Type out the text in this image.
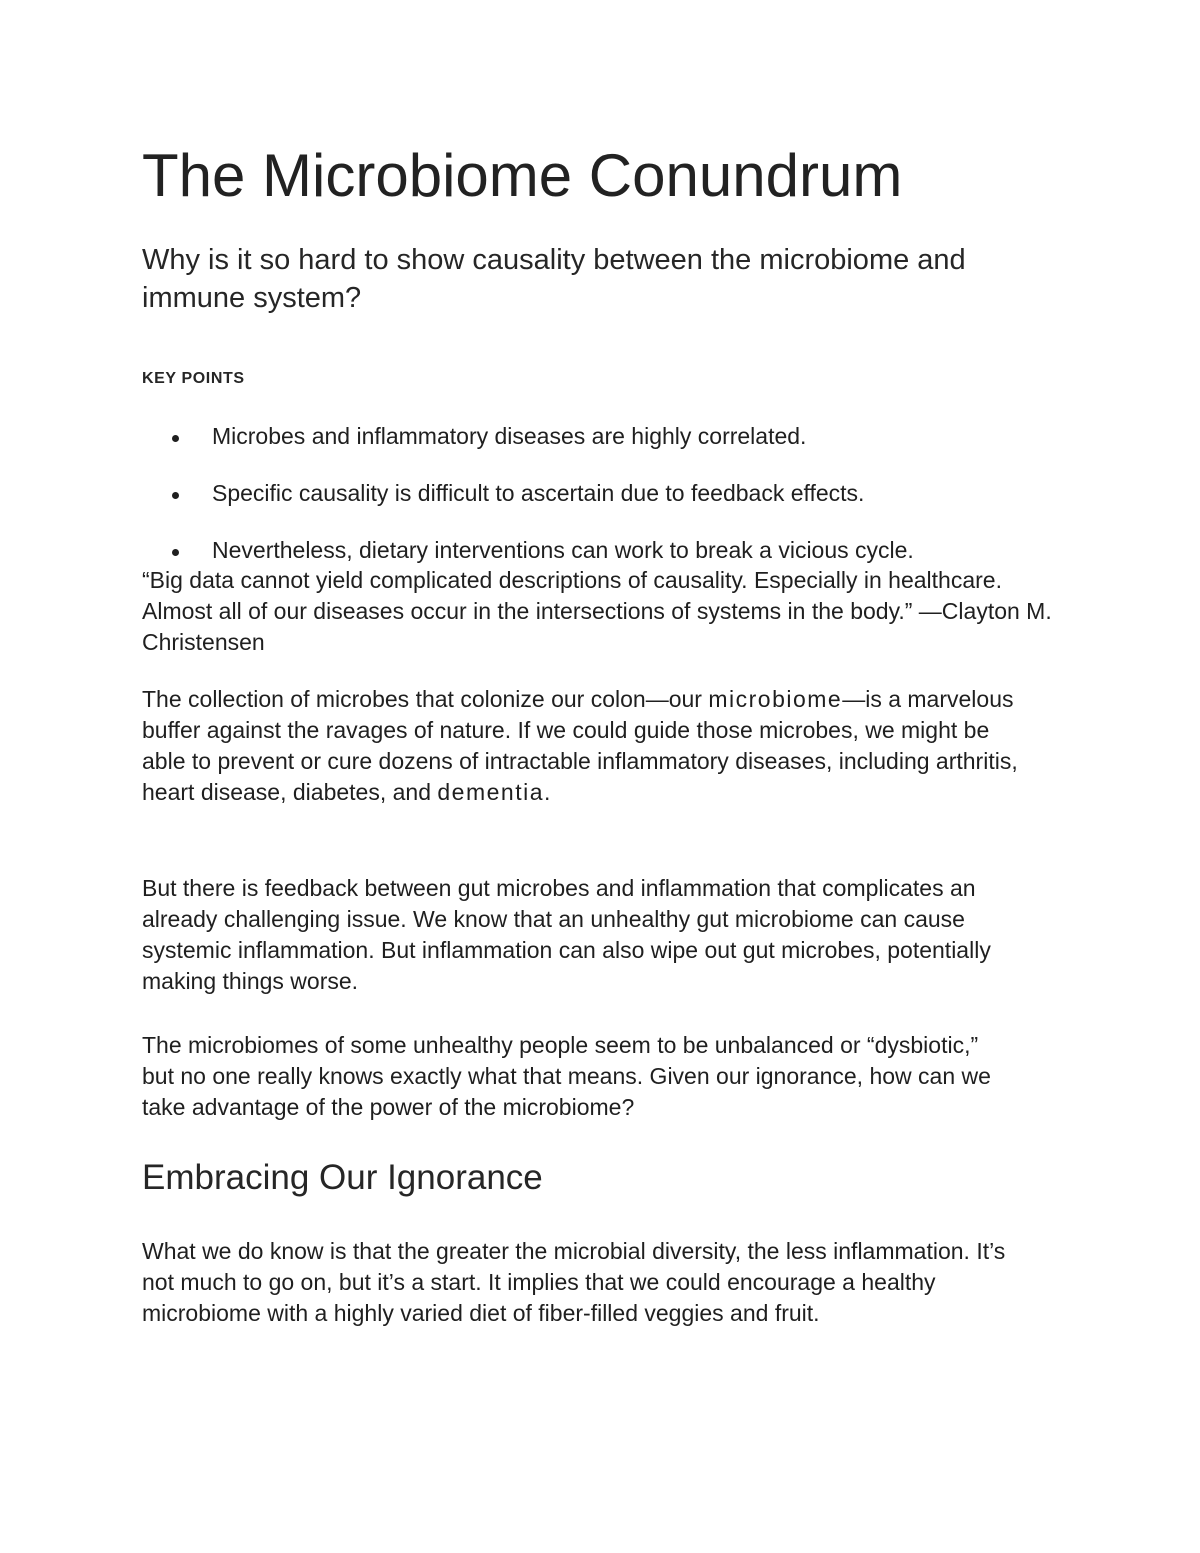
The Microbiome Conundrum
Why is it so hard to show causality between the microbiome and immune system?
KEY POINTS
Microbes and inflammatory diseases are highly correlated.
Specific causality is difficult to ascertain due to feedback effects.
Nevertheless, dietary interventions can work to break a vicious cycle.

“Big data cannot yield complicated descriptions of causality. Especially in healthcare. Almost all of our diseases occur in the intersections of systems in the body.” —Clayton M. Christensen

The collection of microbes that colonize our colon—our microbiome—is a marvelous buffer against the ravages of nature. If we could guide those microbes, we might be able to prevent or cure dozens of intractable inflammatory diseases, including arthritis, heart disease, diabetes, and dementia.

But there is feedback between gut microbes and inflammation that complicates an already challenging issue. We know that an unhealthy gut microbiome can cause systemic inflammation. But inflammation can also wipe out gut microbes, potentially making things worse.

The microbiomes of some unhealthy people seem to be unbalanced or “dysbiotic,” but no one really knows exactly what that means. Given our ignorance, how can we take advantage of the power of the microbiome?

Embracing Our Ignorance

What we do know is that the greater the microbial diversity, the less inflammation. It’s not much to go on, but it’s a start. It implies that we could encourage a healthy microbiome with a highly varied diet of fiber-filled veggies and fruit.
